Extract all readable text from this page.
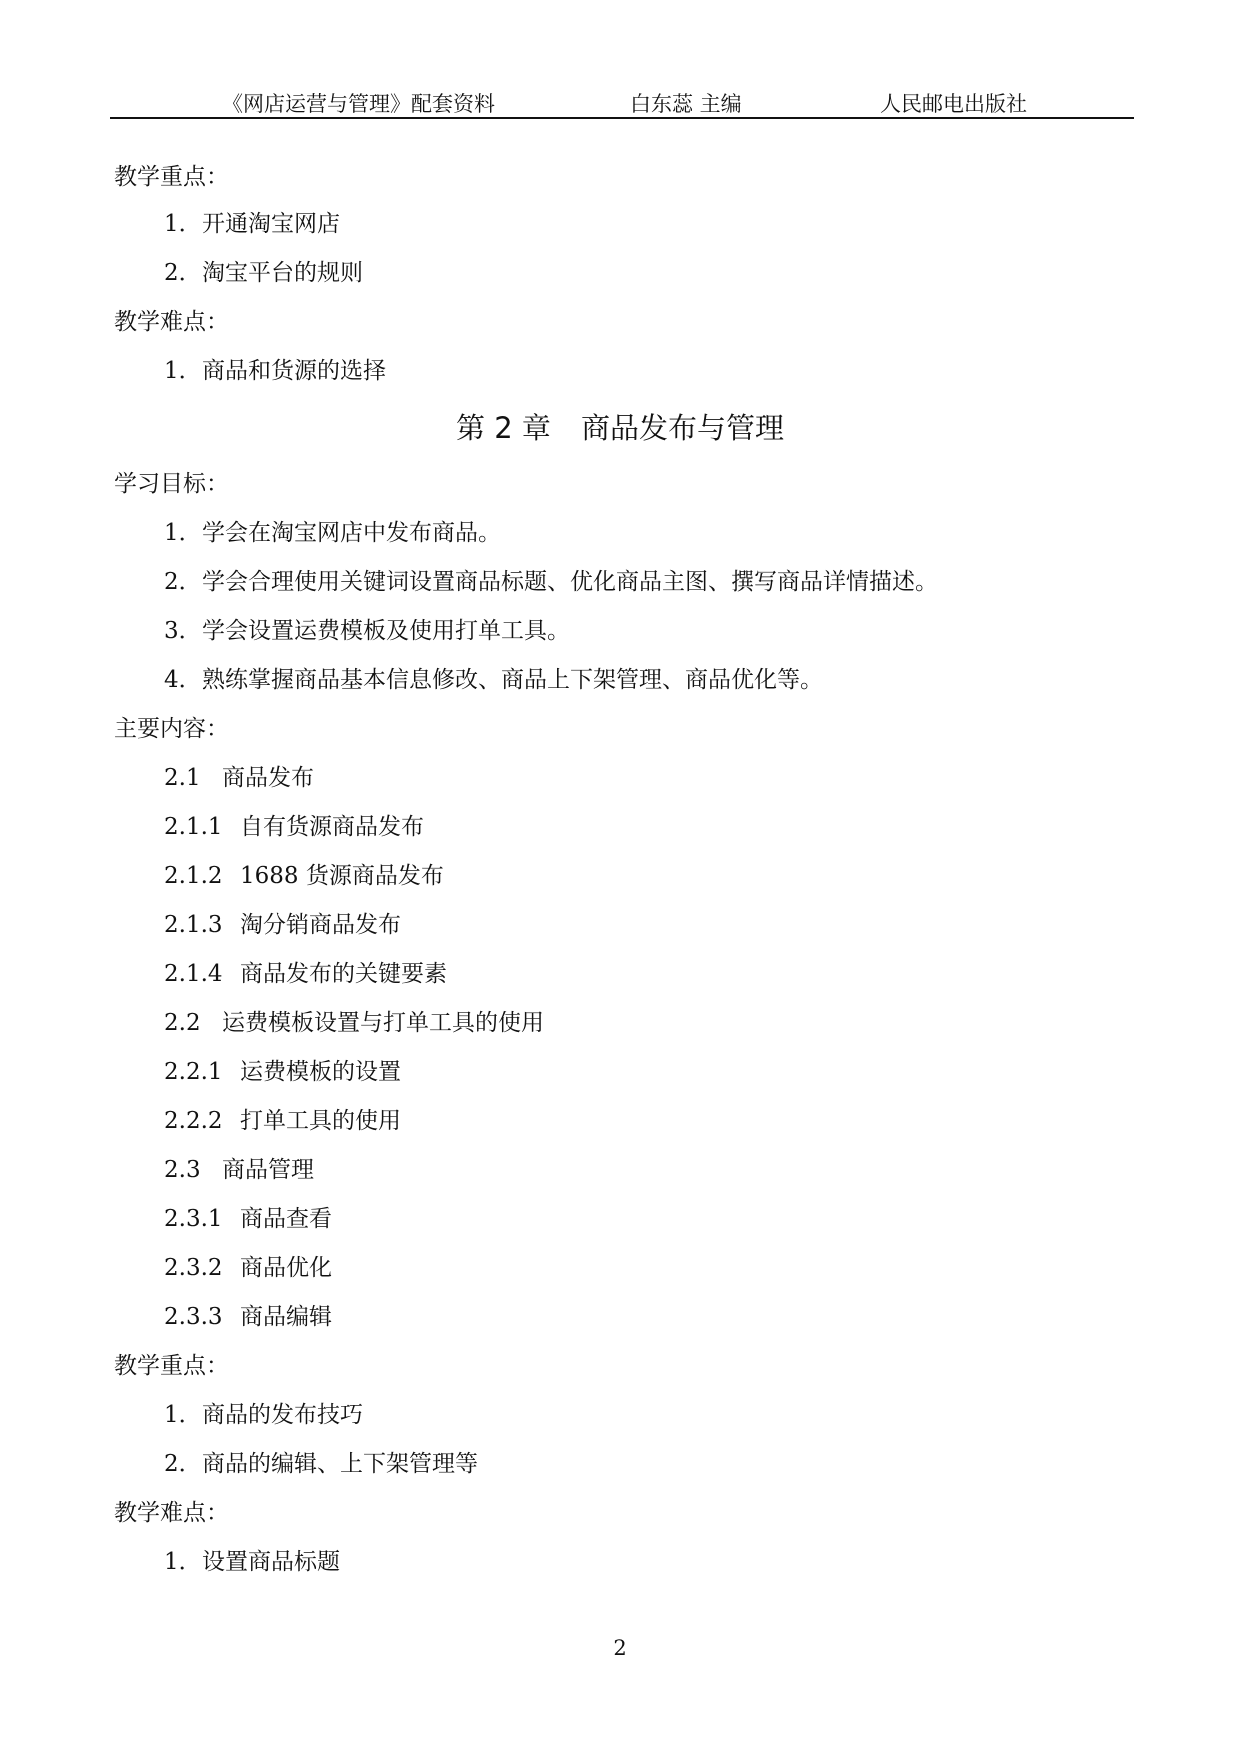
《网店运营与管理》配套资料	白东蕊 主编	人民邮电出版社
教学重点：
1．开通淘宝网店
2．淘宝平台的规则
教学难点：
1．商品和货源的选择
第 2 章 商品发布与管理
学习目标：
1．学会在淘宝网店中发布商品。
2．学会合理使用关键词设置商品标题、优化商品主图、撰写商品详情描述。
3．学会设置运费模板及使用打单工具。
4．熟练掌握商品基本信息修改、商品上下架管理、商品优化等。
主要内容：
2.1 商品发布
2.1.1 自有货源商品发布
2.1.2 1688 货源商品发布
2.1.3 淘分销商品发布
2.1.4 商品发布的关键要素
2.2 运费模板设置与打单工具的使用
2.2.1 运费模板的设置
2.2.2 打单工具的使用
2.3 商品管理
2.3.1 商品查看
2.3.2 商品优化
2.3.3 商品编辑
教学重点：
1．商品的发布技巧
2．商品的编辑、上下架管理等
教学难点：
1．设置商品标题
2
